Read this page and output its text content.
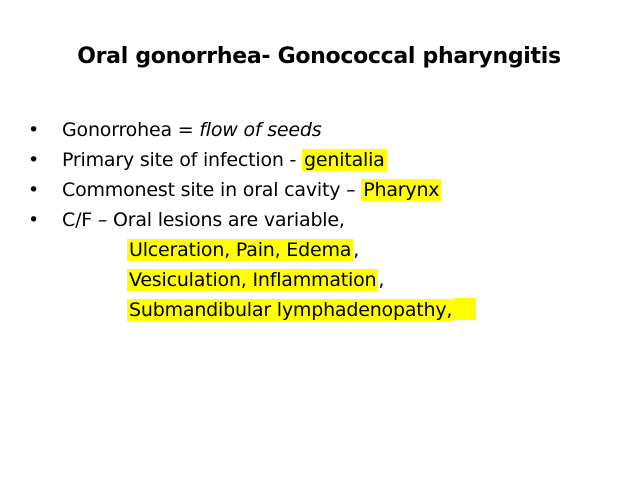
Oral gonorrhea- Gonococcal pharyngitis
•	Gonorrohea = flow of seeds
•	Primary site of infection - genitalia
•	Commonest site in oral cavity – Pharynx
•	C/F – Oral lesions are variable,
Ulceration, Pain, Edema ,
Vesiculation, Inflammation ,
Submandibular lymphadenopathy,
